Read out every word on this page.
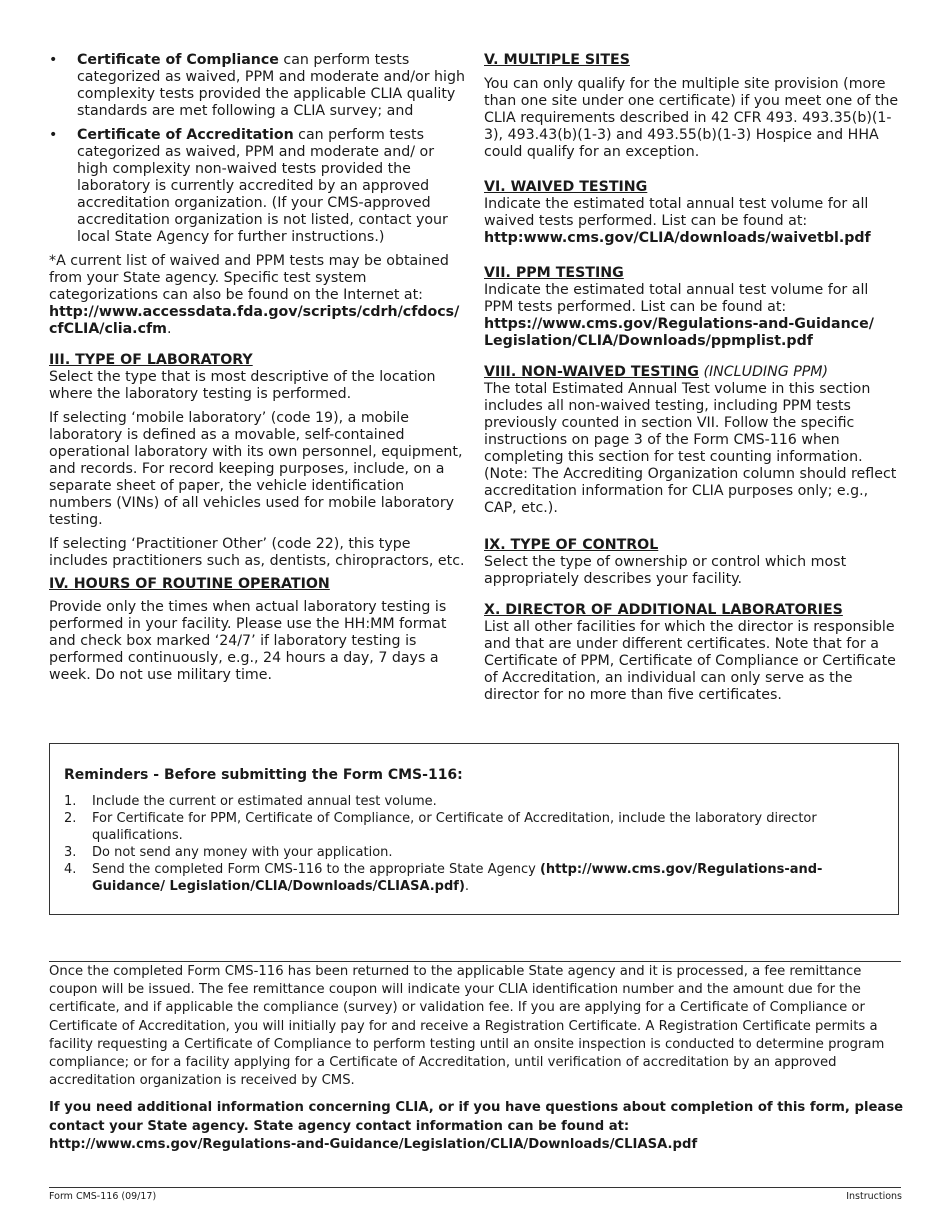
• Certificate of Compliance can perform tests categorized as waived, PPM and moderate and/or high complexity tests provided the applicable CLIA quality standards are met following a CLIA survey; and
• Certificate of Accreditation can perform tests categorized as waived, PPM and moderate and/ or high complexity non-waived tests provided the laboratory is currently accredited by an approved accreditation organization. (If your CMS-approved accreditation organization is not listed, contact your local State Agency for further instructions.)

*A current list of waived and PPM tests may be obtained from your State agency. Specific test system categorizations can also be found on the Internet at: http://www.accessdata.fda.gov/scripts/cdrh/cfdocs/ cfCLIA/clia.cfm.

III. TYPE OF LABORATORY

Select the type that is most descriptive of the location where the laboratory testing is performed.

If selecting ‘mobile laboratory’ (code 19), a mobile laboratory is defined as a movable, self-contained operational laboratory with its own personnel, equipment, and records. For record keeping purposes, include, on a separate sheet of paper, the vehicle identification numbers (VINs) of all vehicles used for mobile laboratory testing.

If selecting ‘Practitioner Other’ (code 22), this type includes practitioners such as, dentists, chiropractors, etc.

IV. HOURS OF ROUTINE OPERATION

Provide only the times when actual laboratory testing is performed in your facility. Please use the HH:MM format and check box marked ‘24/7’ if laboratory testing is performed continuously, e.g., 24 hours a day, 7 days a week. Do not use military time.

V. MULTIPLE SITES

You can only qualify for the multiple site provision (more than one site under one certificate) if you meet one of the CLIA requirements described in 42 CFR 493. 493.35(b)(1-3), 493.43(b)(1-3) and 493.55(b)(1-3) Hospice and HHA could qualify for an exception.

VI. WAIVED TESTING

Indicate the estimated total annual test volume for all waived tests performed. List can be found at:

http:www.cms.gov/CLIA/downloads/waivetbl.pdf

VII. PPM TESTING

Indicate the estimated total annual test volume for all PPM tests performed. List can be found at:

https://www.cms.gov/Regulations-and-Guidance/ Legislation/CLIA/Downloads/ppmplist.pdf

VIII. NON-WAIVED TESTING (INCLUDING PPM)

The total Estimated Annual Test volume in this section includes all non-waived testing, including PPM tests previously counted in section VII. Follow the specific instructions on page 3 of the Form CMS-116 when completing this section for test counting information. (Note: The Accrediting Organization column should reflect accreditation information for CLIA purposes only; e.g., CAP, etc.).

IX. TYPE OF CONTROL

Select the type of ownership or control which most appropriately describes your facility.

X. DIRECTOR OF ADDITIONAL LABORATORIES

List all other facilities for which the director is responsible and that are under different certificates. Note that for a Certificate of PPM, Certificate of Compliance or Certificate of Accreditation, an individual can only serve as the director for no more than five certificates.

Reminders - Before submitting the Form CMS-116:
1. Include the current or estimated annual test volume.
2. For Certificate for PPM, Certificate of Compliance, or Certificate of Accreditation, include the laboratory director qualifications.
3. Do not send any money with your application.
4. Send the completed Form CMS-116 to the appropriate State Agency (http://www.cms.gov/Regulations-and-Guidance/ Legislation/CLIA/Downloads/CLIASA.pdf).

Once the completed Form CMS-116 has been returned to the applicable State agency and it is processed, a fee remittance coupon will be issued. The fee remittance coupon will indicate your CLIA identification number and the amount due for the certificate, and if applicable the compliance (survey) or validation fee. If you are applying for a Certificate of Compliance or Certificate of Accreditation, you will initially pay for and receive a Registration Certificate. A Registration Certificate permits a facility requesting a Certificate of Compliance to perform testing until an onsite inspection is conducted to determine program compliance; or for a facility applying for a Certificate of Accreditation, until verification of accreditation by an approved accreditation organization is received by CMS.

If you need additional information concerning CLIA, or if you have questions about completion of this form, please contact your State agency. State agency contact information can be found at:
http://www.cms.gov/Regulations-and-Guidance/Legislation/CLIA/Downloads/CLIASA.pdf

Form CMS-116 (09/17)	Instructions
